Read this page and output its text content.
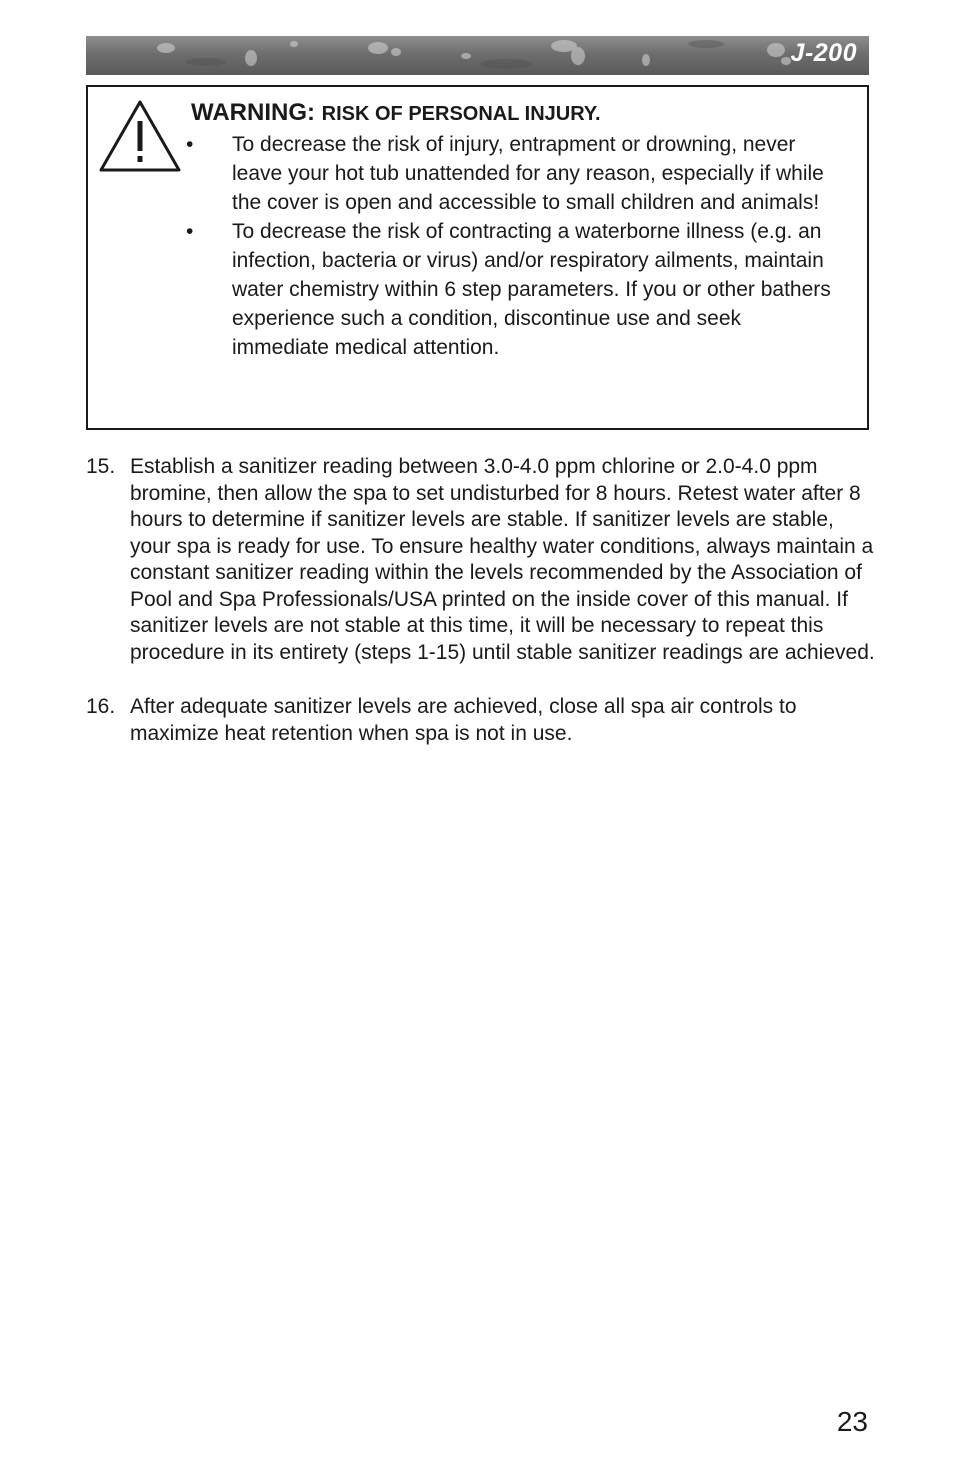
J-200
WARNING: RISK OF PERSONAL INJURY.
• To decrease the risk of injury, entrapment or drowning, never leave your hot tub unattended for any reason, especially if while the cover is open and accessible to small children and animals!
• To decrease the risk of contracting a waterborne illness (e.g. an infection, bacteria or virus) and/or respiratory ailments, maintain water chemistry within 6 step parameters. If you or other bathers experience such a condition, discontinue use and seek immediate medical attention.
15. Establish a sanitizer reading between 3.0-4.0 ppm chlorine or 2.0-4.0 ppm bromine, then allow the spa to set undisturbed for 8 hours. Retest water after 8 hours to determine if sanitizer levels are stable. If sanitizer levels are stable, your spa is ready for use. To ensure healthy water conditions, always maintain a constant sanitizer reading within the levels recommended by the Association of Pool and Spa Professionals/USA printed on the inside cover of this manual. If sanitizer levels are not stable at this time, it will be necessary to repeat this procedure in its entirety (steps 1-15) until stable sanitizer readings are achieved.
16. After adequate sanitizer levels are achieved, close all spa air controls to maximize heat retention when spa is not in use.
23
